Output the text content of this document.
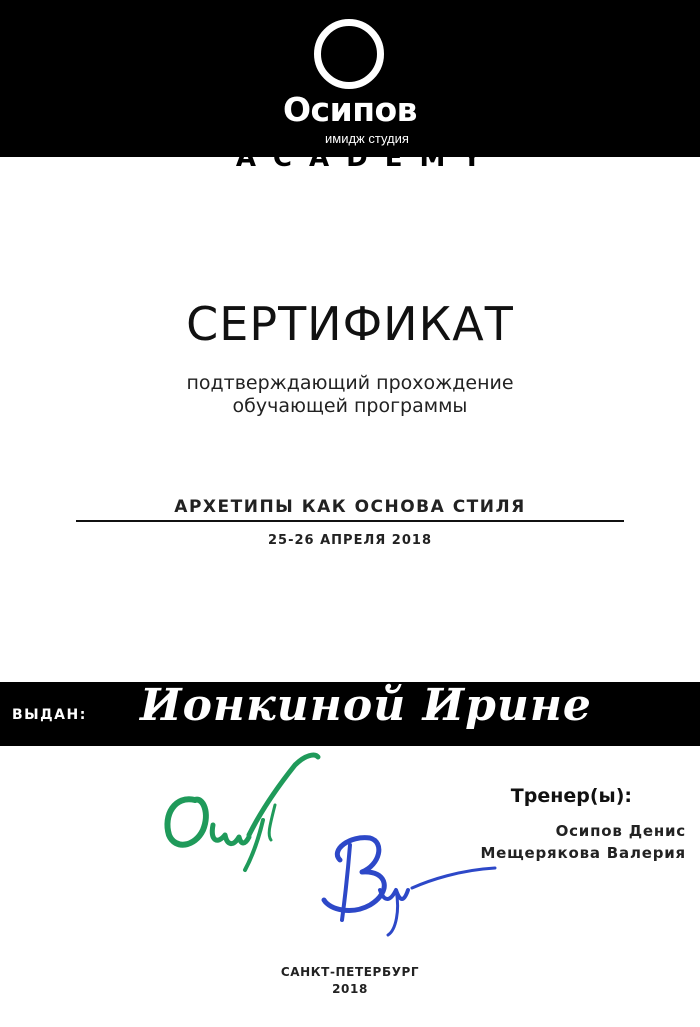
Осипов
имидж студия
ACADEMY
СЕРТИФИКАТ
подтверждающий прохождение
обучающей программы
АРХЕТИПЫ КАК ОСНОВА СТИЛЯ
25-26 АПРЕЛЯ 2018
ВЫДАН: Ионкиной Ирине
Тренер(ы):
Осипов Денис
Мещерякова Валерия
САНКТ-ПЕТЕРБУРГ
2018
